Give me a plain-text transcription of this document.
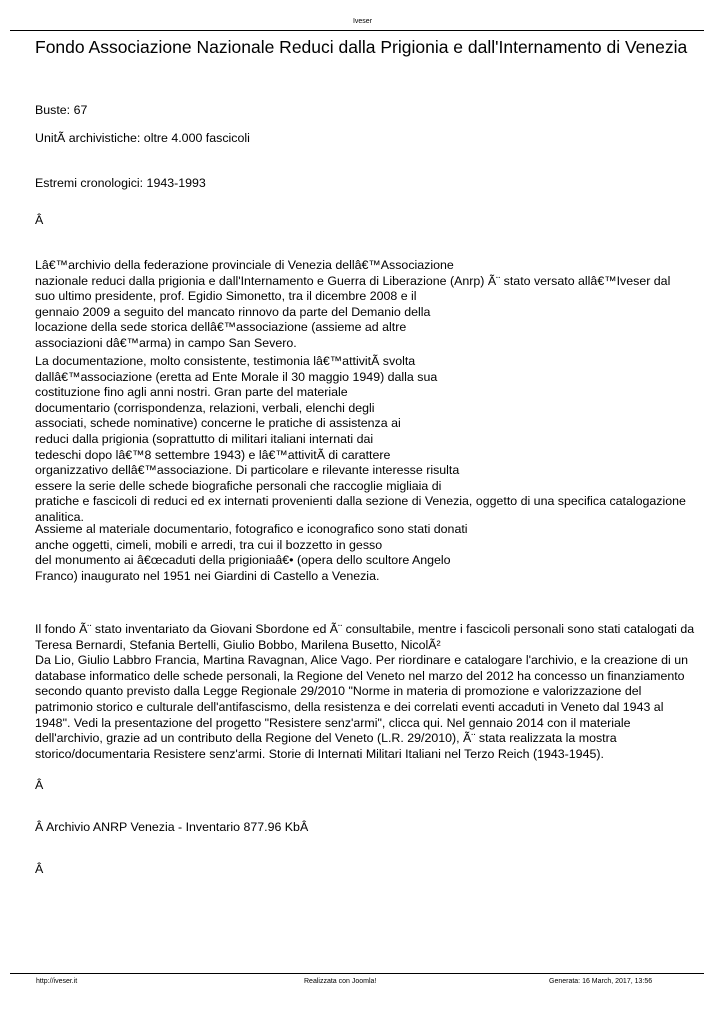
Iveser
Fondo Associazione Nazionale Reduci dalla Prigionia e dall'Internamento di Venezia
Buste: 67
UnitÃ archivistiche: oltre 4.000 fascicoli
Estremi cronologici: 1943-1993
Â
Lâ€™archivio della federazione provinciale di Venezia dellâ€™Associazione
nazionale reduci dalla prigionia e dall'Internamento e Guerra di Liberazione (Anrp) Ã¨ stato versato allâ€™Iveser dal
suo ultimo presidente, prof. Egidio Simonetto, tra il dicembre 2008 e il
gennaio 2009 a seguito del mancato rinnovo da parte del Demanio della
locazione della sede storica dellâ€™associazione (assieme ad altre
associazioni dâ€™arma) in campo San Severo.
La documentazione, molto consistente, testimonia lâ€™attivitÃ svolta
dallâ€™associazione (eretta ad Ente Morale il 30 maggio 1949) dalla sua
costituzione fino agli anni nostri. Gran parte del materiale
documentario (corrispondenza, relazioni, verbali, elenchi degli
associati, schede nominative) concerne le pratiche di assistenza ai
reduci dalla prigionia (soprattutto di militari italiani internati dai
tedeschi dopo lâ€™8 settembre 1943) e lâ€™attivitÃ di carattere
organizzativo dellâ€™associazione. Di particolare e rilevante interesse risulta
essere la serie delle schede biografiche personali che raccoglie migliaia di
pratiche e fascicoli di reduci ed ex internati provenienti dalla sezione di Venezia, oggetto di una specifica catalogazione
analitica.
Assieme al materiale documentario, fotografico e iconografico sono stati donati
anche oggetti, cimeli, mobili e arredi, tra cui il bozzetto in gesso
del monumento ai â€œcaduti della prigioniaâ€• (opera dello scultore Angelo
Franco) inaugurato nel 1951 nei Giardini di Castello a Venezia.
Il fondo Ã¨ stato inventariato da Giovani Sbordone ed Ã¨ consultabile, mentre i fascicoli personali sono stati catalogati da
Teresa Bernardi, Stefania Bertelli, Giulio Bobbo, Marilena Busetto, NicolÃ²
Da Lio, Giulio Labbro Francia, Martina Ravagnan, Alice Vago. Per riordinare e catalogare l'archivio, e la creazione di un
database informatico delle schede personali, la Regione del Veneto nel marzo del 2012 ha concesso un finanziamento
secondo quanto previsto dalla Legge Regionale 29/2010 "Norme in materia di promozione e valorizzazione del
patrimonio storico e culturale dell'antifascismo, della resistenza e dei correlati eventi accaduti in Veneto dal 1943 al
1948". Vedi la presentazione del progetto "Resistere senz'armi", clicca qui. Nel gennaio 2014 con il materiale
dell'archivio, grazie ad un contributo della Regione del Veneto (L.R. 29/2010), Ã¨ stata realizzata la mostra
storico/documentaria Resistere senz'armi. Storie di Internati Militari Italiani nel Terzo Reich (1943-1945).
Â
Â Archivio ANRP Venezia - Inventario 877.96 KbÂ
Â
http://iveser.it	Realizzata con Joomla!	Generata: 16 March, 2017, 13:56
